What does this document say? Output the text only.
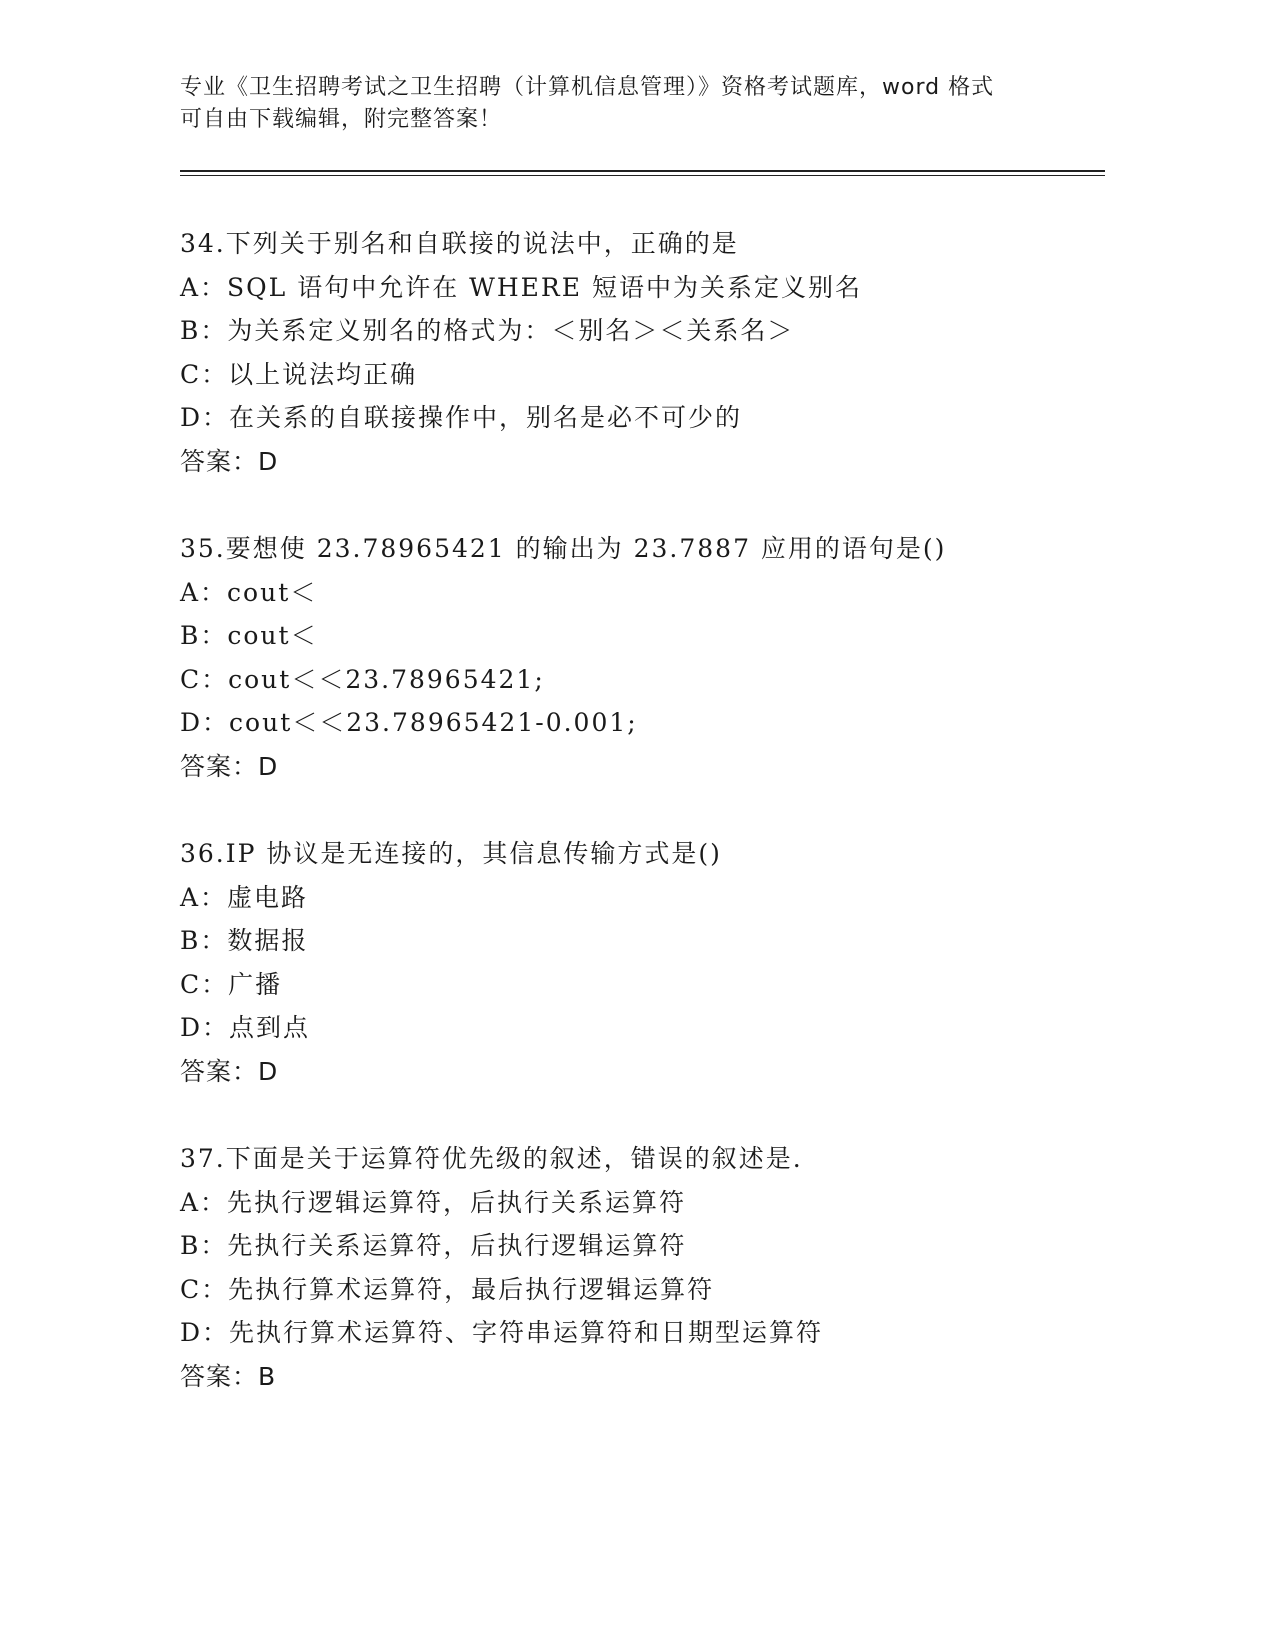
专业《卫生招聘考试之卫生招聘（计算机信息管理）》资格考试题库，word 格式
可自由下载编辑，附完整答案！
34.下列关于别名和自联接的说法中，正确的是
A：SQL 语句中允许在 WHERE 短语中为关系定义别名
B：为关系定义别名的格式为：＜别名＞＜关系名＞
C：以上说法均正确
D：在关系的自联接操作中，别名是必不可少的
答案：D
35.要想使 23.78965421 的输出为 23.7887 应用的语句是()
A：cout＜
B：cout＜
C：cout＜＜23.78965421;
D：cout＜＜23.78965421-0.001;
答案：D
36.IP 协议是无连接的，其信息传输方式是()
A：虚电路
B：数据报
C：广播
D：点到点
答案：D
37.下面是关于运算符优先级的叙述，错误的叙述是.
A：先执行逻辑运算符，后执行关系运算符
B：先执行关系运算符，后执行逻辑运算符
C：先执行算术运算符，最后执行逻辑运算符
D：先执行算术运算符、字符串运算符和日期型运算符
答案：B
